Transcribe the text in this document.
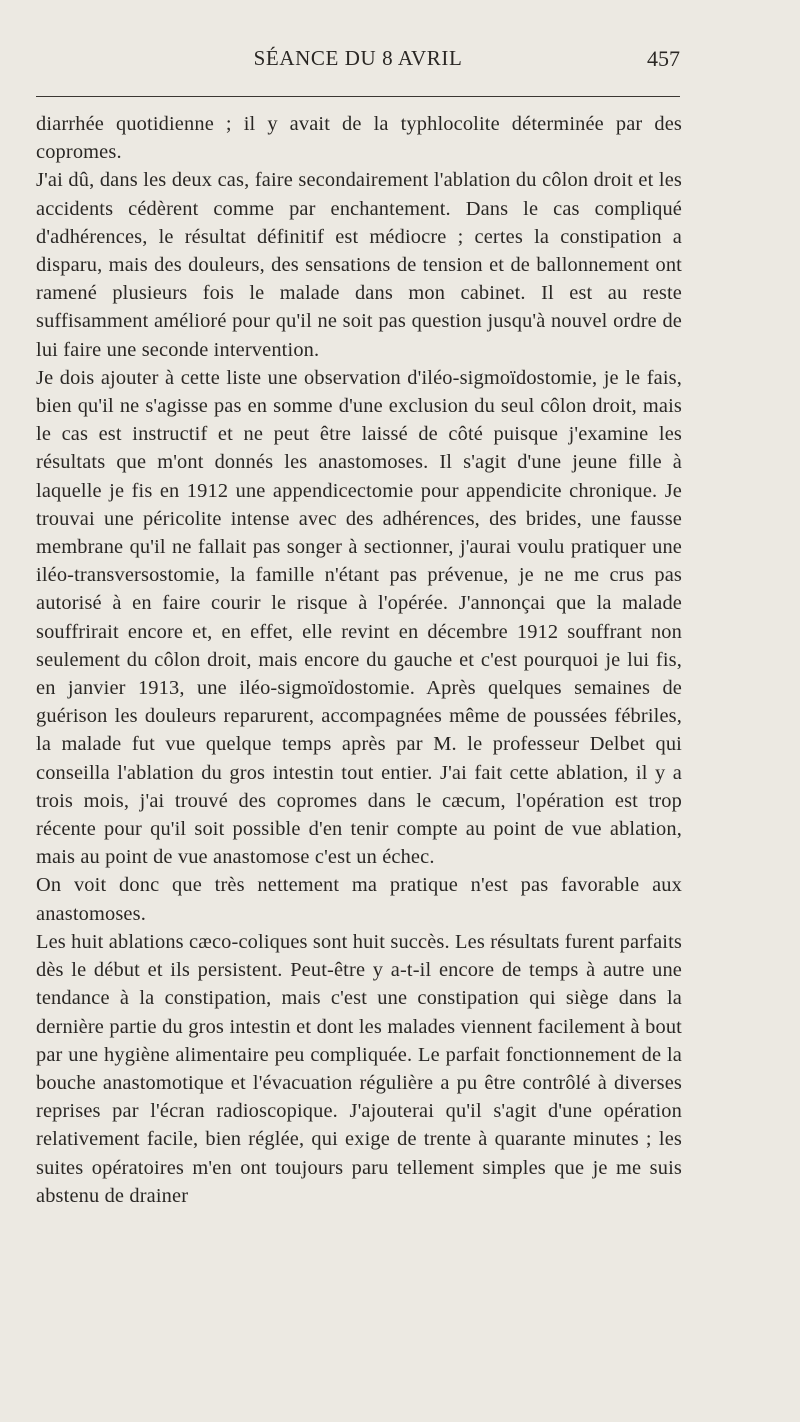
SÉANCE DU 8 AVRIL	457

diarrhée quotidienne ; il y avait de la typhlocolite déterminée par des copromes.

J'ai dû, dans les deux cas, faire secondairement l'ablation du côlon droit et les accidents cédèrent comme par enchantement. Dans le cas compliqué d'adhérences, le résultat définitif est médiocre ; certes la constipation a disparu, mais des douleurs, des sensations de tension et de ballonnement ont ramené plusieurs fois le malade dans mon cabinet. Il est au reste suffisamment amélioré pour qu'il ne soit pas question jusqu'à nouvel ordre de lui faire une seconde intervention.

Je dois ajouter à cette liste une observation d'iléo-sigmoïdostomie, je le fais, bien qu'il ne s'agisse pas en somme d'une exclusion du seul côlon droit, mais le cas est instructif et ne peut être laissé de côté puisque j'examine les résultats que m'ont donnés les anastomoses. Il s'agit d'une jeune fille à laquelle je fis en 1912 une appendicectomie pour appendicite chronique. Je trouvai une péricolite intense avec des adhérences, des brides, une fausse membrane qu'il ne fallait pas songer à sectionner, j'aurai voulu pratiquer une iléo-transversostomie, la famille n'étant pas prévenue, je ne me crus pas autorisé à en faire courir le risque à l'opérée. J'annonçai que la malade souffrirait encore et, en effet, elle revint en décembre 1912 souffrant non seulement du côlon droit, mais encore du gauche et c'est pourquoi je lui fis, en janvier 1913, une iléo-sigmoïdostomie. Après quelques semaines de guérison les douleurs reparurent, accompagnées même de poussées fébriles, la malade fut vue quelque temps après par M. le professeur Delbet qui conseilla l'ablation du gros intestin tout entier. J'ai fait cette ablation, il y a trois mois, j'ai trouvé des copromes dans le cæcum, l'opération est trop récente pour qu'il soit possible d'en tenir compte au point de vue ablation, mais au point de vue anastomose c'est un échec.

On voit donc que très nettement ma pratique n'est pas favorable aux anastomoses.

Les huit ablations cæco-coliques sont huit succès. Les résultats furent parfaits dès le début et ils persistent. Peut-être y a-t-il encore de temps à autre une tendance à la constipation, mais c'est une constipation qui siège dans la dernière partie du gros intestin et dont les malades viennent facilement à bout par une hygiène alimentaire peu compliquée. Le parfait fonctionnement de la bouche anastomotique et l'évacuation régulière a pu être contrôlé à diverses reprises par l'écran radioscopique. J'ajouterai qu'il s'agit d'une opération relativement facile, bien réglée, qui exige de trente à quarante minutes ; les suites opératoires m'en ont toujours paru tellement simples que je me suis abstenu de drainer
